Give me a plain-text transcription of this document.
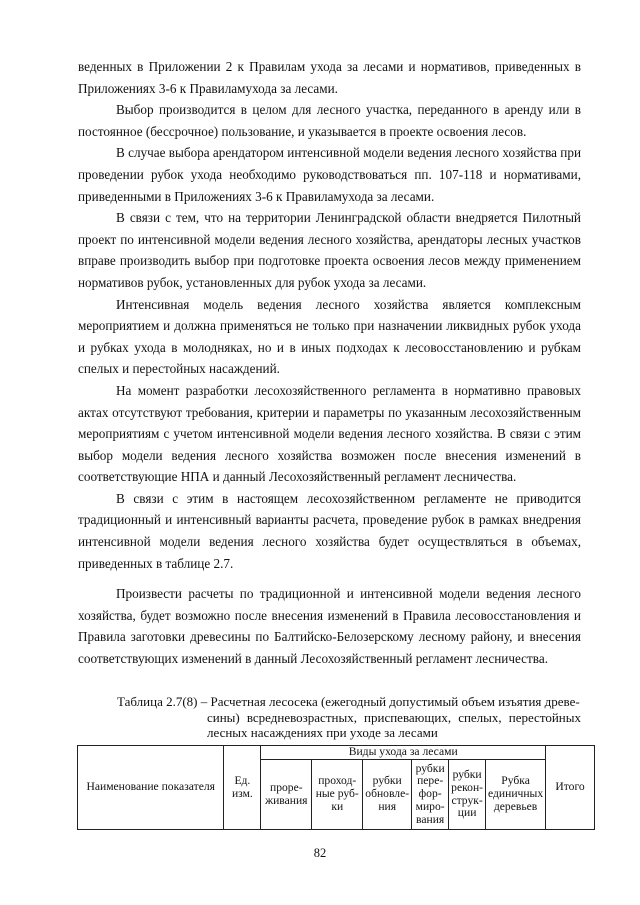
веденных в Приложении 2 к Правилам ухода за лесами и нормативов, приведенных в Приложениях 3-6 к Правиламухода за лесами.

Выбор производится в целом для лесного участка, переданного в аренду или в постоянное (бессрочное) пользование, и указывается в проекте освоения лесов.

В случае выбора арендатором интенсивной модели ведения лесного хозяйства при проведении рубок ухода необходимо руководствоваться пп. 107-118 и нормативами, приведенными в Приложениях 3-6 к Правиламухода за лесами.

В связи с тем, что на территории Ленинградской области внедряется Пилотный проект по интенсивной модели ведения лесного хозяйства, арендаторы лесных участков вправе производить выбор при подготовке проекта освоения лесов между применением нормативов рубок, установленных для рубок ухода за лесами.

Интенсивная модель ведения лесного хозяйства является комплексным мероприятием и должна применяться не только при назначении ликвидных рубок ухода и рубках ухода в молодняках, но и в иных подходах к лесовосстановлению и рубкам спелых и перестойных насаждений.

На момент разработки лесохозяйственного регламента в нормативно правовых актах отсутствуют требования, критерии и параметры по указанным лесохозяйственным мероприятиям с учетом интенсивной модели ведения лесного хозяйства. В связи с этим выбор модели ведения лесного хозяйства возможен после внесения изменений в соответствующие НПА и данный Лесохозяйственный регламент лесничества.

В связи с этим в настоящем лесохозяйственном регламенте не приводится традиционный и интенсивный варианты расчета, проведение рубок в рамках внедрения интенсивной модели ведения лесного хозяйства будет осуществляться в объемах, приведенных в таблице 2.7.

Произвести расчеты по традиционной и интенсивной модели ведения лесного хозяйства, будет возможно после внесения изменений в Правила лесовосстановления и Правила заготовки древесины по Балтийско-Белозерскому лесному району, и внесения соответствующих изменений в данный Лесохозяйственный регламент лесничества.

Таблица 2.7(8) – Расчетная лесосека (ежегодный допустимый объем изъятия древе-
сины) всредневозрастных, приспевающих, спелых, перестойных лесных насаждениях при уходе за лесами

Наименование показателя	Ед. изм.	Виды ухода за лесами						Итого
		проре-живания	проход-ные руб-ки	рубки обновле-ния	рубки пере-фор-миро-вания	рубки рекон-струк-ции	Рубка единичных деревьев	
82
